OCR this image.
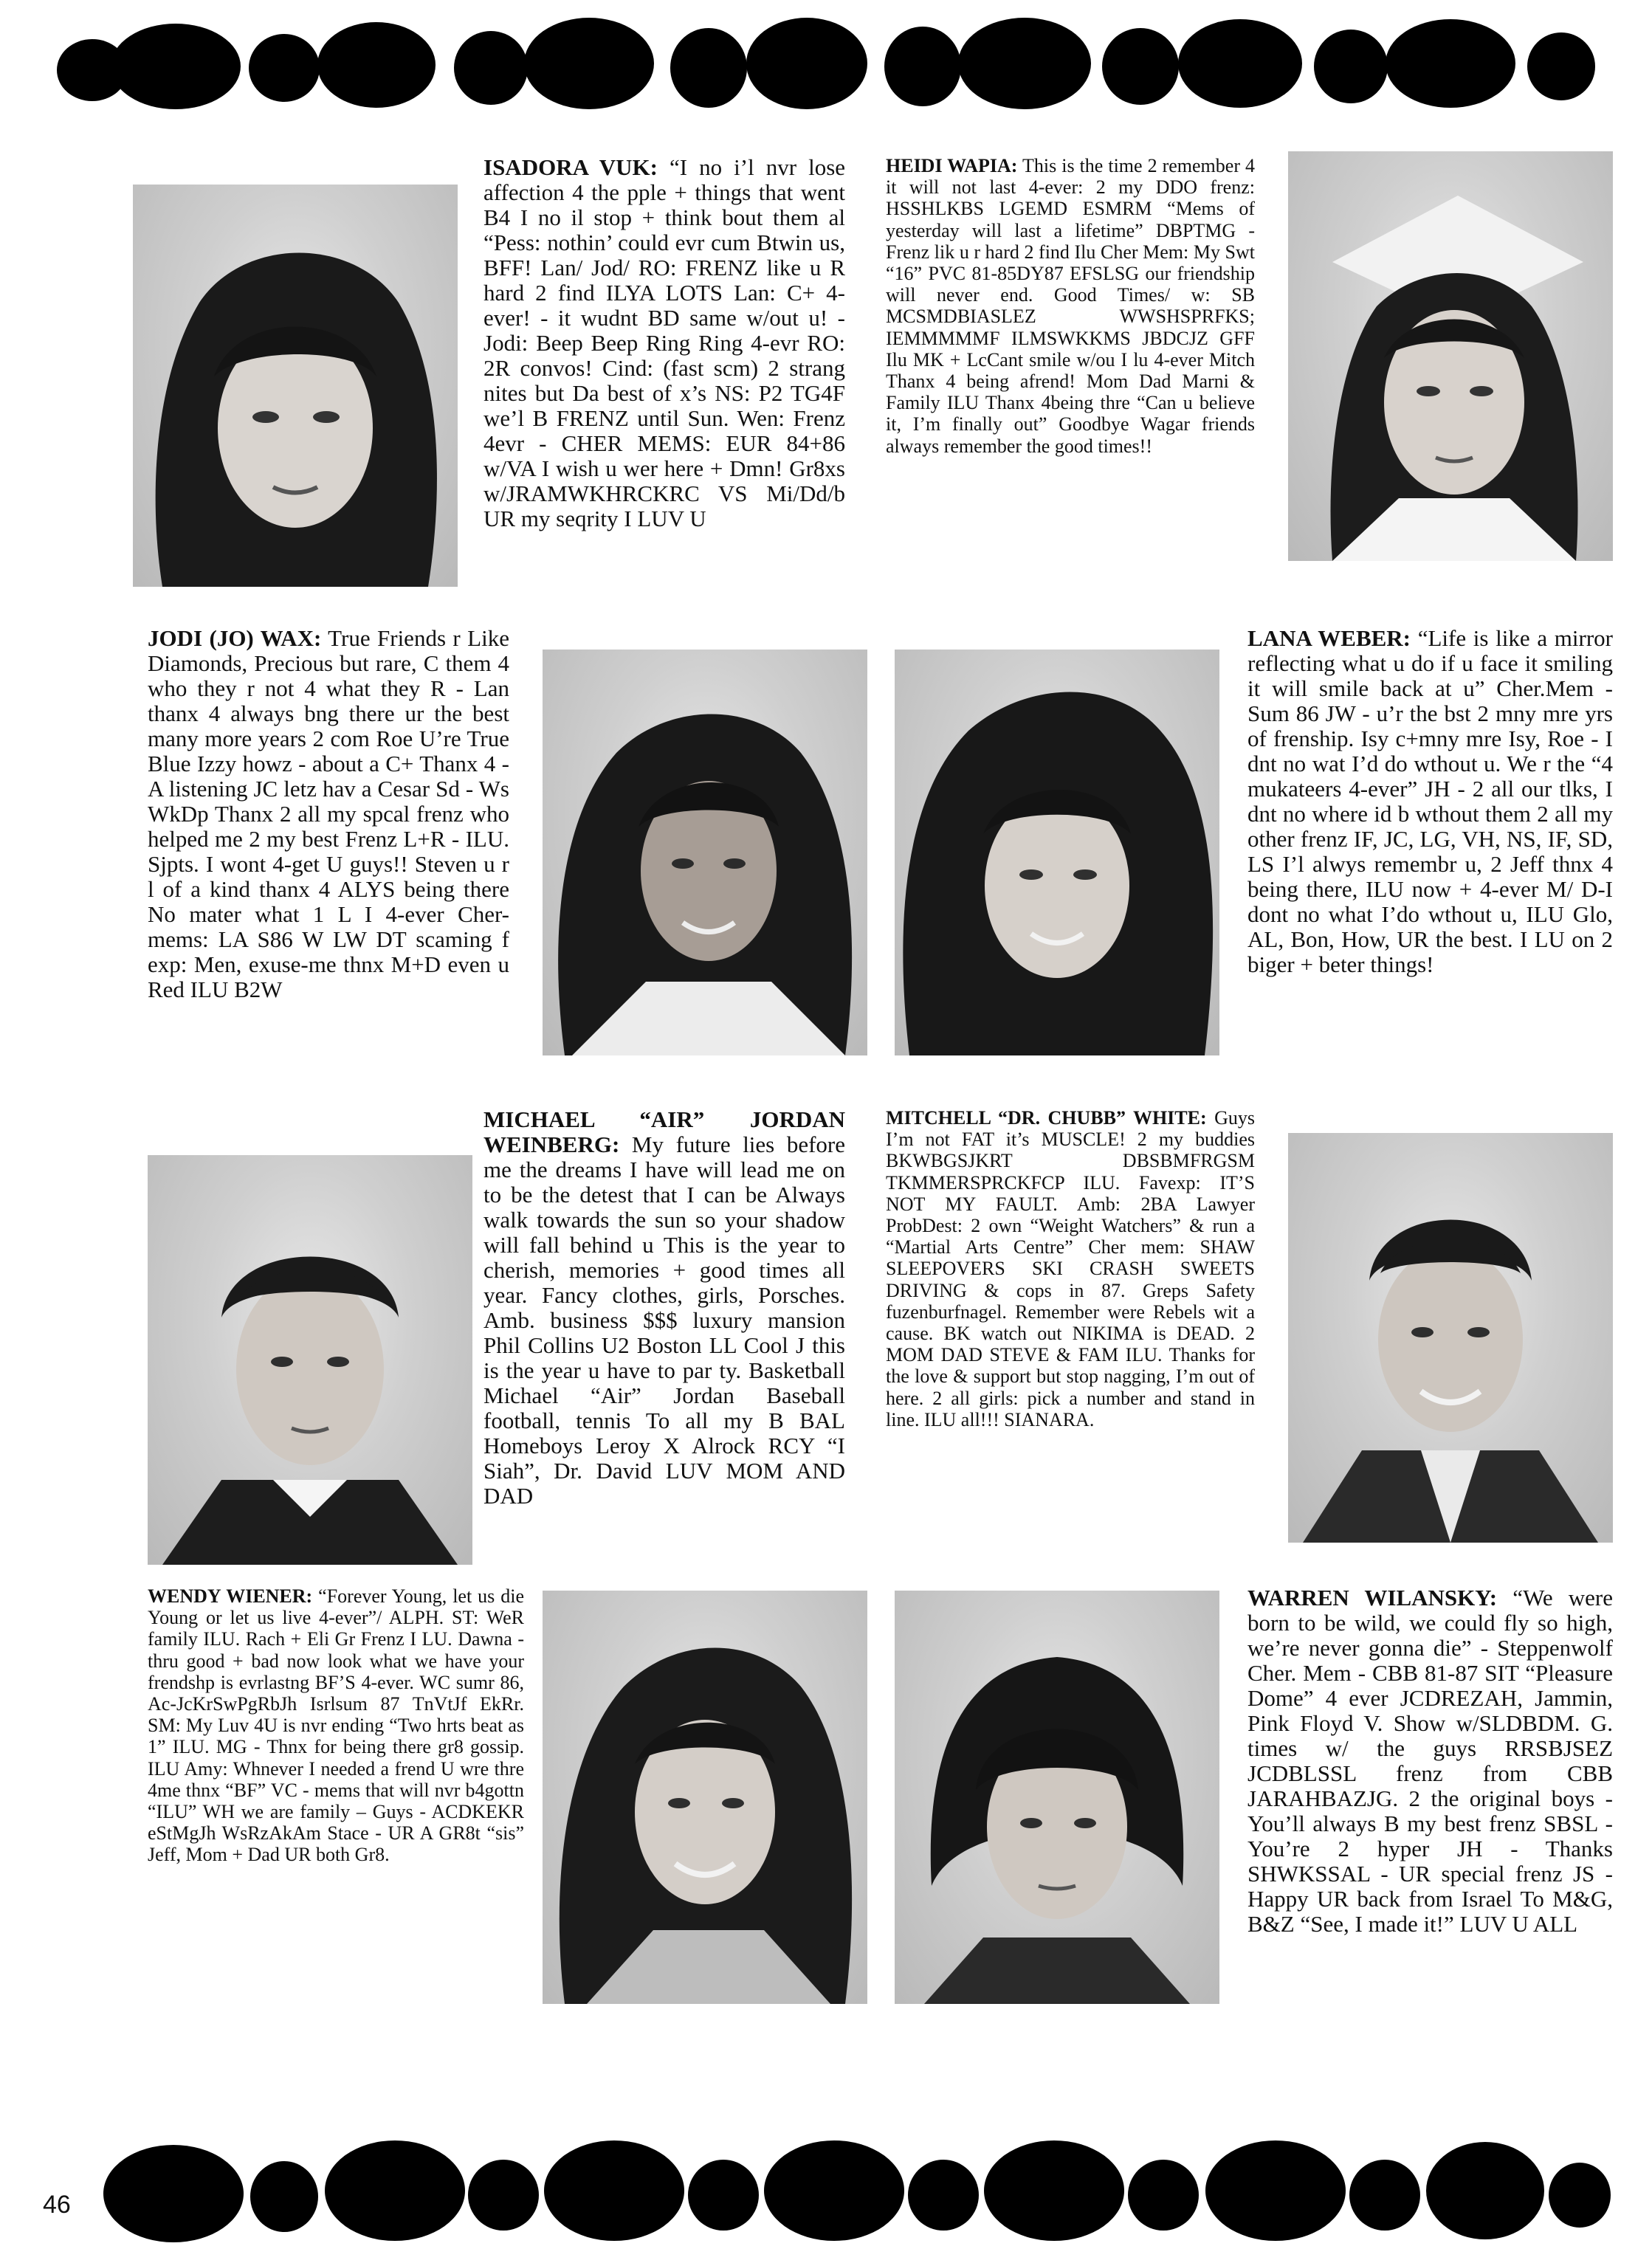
ISADORA VUK: “I no i’l nvr lose affection 4 the pple + things that went B4 I no il stop + think bout them al “Pess: nothin’ could evr cum Btwin us, BFF! Lan/ Jod/ RO: FRENZ like u R hard 2 find ILYA LOTS Lan: C+ 4-ever! - it wudnt BD same w/out u! - Jodi: Beep Beep Ring Ring 4-evr RO: 2R convos! Cind: (fast scm) 2 strang nites but Da best of x’s NS: P2 TG4F we’l B FRENZ until Sun. Wen: Frenz 4evr - CHER MEMS: EUR 84+86 w/VA I wish u wer here + Dmn! Gr8xs w/JRAMWKHRCKRC VS Mi/Dd/b UR my seqrity I LUV U
HEIDI WAPIA: This is the time 2 remember 4 it will not last 4-ever: 2 my DDO frenz: HSSHLKBS LGEMD ESMRM “Mems of yesterday will last a lifetime” DBPTMG - Frenz lik u r hard 2 find Ilu Cher Mem: My Swt “16” PVC 81-85DY87 EFSLSG our friendship will never end. Good Times/ w: SB MCSMDBIASLEZ WWSHSPRFKS; IEMMMMMF ILMSWKKMS JBDCJZ GFF Ilu MK + LcCant smile w/ou I lu 4-ever Mitch Thanx 4 being afrend! Mom Dad Marni & Family ILU Thanx 4being thre “Can u believe it, I’m finally out” Goodbye Wagar friends always remember the good times!!
JODI (JO) WAX: True Friends r Like Diamonds, Precious but rare, C them 4 who they r not 4 what they R - Lan thanx 4 always bng there ur the best many more years 2 com Roe U’re True Blue Izzy howz - about a C+ Thanx 4 - A listening JC letz hav a Cesar Sd - Ws WkDp Thanx 2 all my spcal frenz who helped me 2 my best Frenz L+R - ILU. Sjpts. I wont 4-get U guys!! Steven u r l of a kind thanx 4 ALYS being there No mater what 1 L I 4-ever Cher-mems: LA S86 W LW DT scaming f exp: Men, exuse-me thnx M+D even u Red ILU B2W
LANA WEBER: “Life is like a mirror reflecting what u do if u face it smiling it will smile back at u” Cher.Mem - Sum 86 JW - u’r the bst 2 mny mre yrs of frenship. Isy c+mny mre Isy, Roe - I dnt no wat I’d do wthout u. We r the “4 mukateers 4-ever” JH - 2 all our tlks, I dnt no where id b wthout them 2 all my other frenz IF, JC, LG, VH, NS, IF, SD, LS I’l alwys remembr u, 2 Jeff thnx 4 being there, ILU now + 4-ever M/ D-I dont no what I’do wthout u, ILU Glo, AL, Bon, How, UR the best. I LU on 2 biger + beter things!
MICHAEL “AIR” JORDAN WEINBERG: My future lies before me the dreams I have will lead me on to be the detest that I can be Always walk towards the sun so your shadow will fall behind u This is the year to cherish, memories + good times all year. Fancy clothes, girls, Porsches. Amb. business $$$ luxury mansion Phil Collins U2 Boston LL Cool J this is the year u have to par ty. Basketball Michael “Air” Jordan Baseball football, tennis To all my B BAL Homeboys Leroy X Alrock RCY “I Siah”, Dr. David LUV MOM AND DAD
MITCHELL “DR. CHUBB” WHITE: Guys I’m not FAT it’s MUSCLE! 2 my buddies BKWBGSJKRT DBSBMFRGSM TKMMERSPRCKFCP ILU. Favexp: IT’S NOT MY FAULT. Amb: 2BA Lawyer ProbDest: 2 own “Weight Watchers” & run a “Martial Arts Centre” Cher mem: SHAW SLEEPOVERS SKI CRASH SWEETS DRIVING & cops in 87. Greps Safety fuzenburfnagel. Remember were Rebels wit a cause. BK watch out NIKIMA is DEAD. 2 MOM DAD STEVE & FAM ILU. Thanks for the love & support but stop nagging, I’m out of here. 2 all girls: pick a number and stand in line. ILU all!!! SIANARA.
WENDY WIENER: “Forever Young, let us die Young or let us live 4-ever”/ ALPH. ST: WeR family ILU. Rach + Eli Gr Frenz I LU. Dawna - thru good + bad now look what we have your frendshp is evrlastng BF’S 4-ever. WC sumr 86, Ac-JcKrSwPgRbJh Isrlsum 87 TnVtJf EkRr. SM: My Luv 4U is nvr ending “Two hrts beat as 1” ILU. MG - Thnx for being there gr8 gossip. ILU Amy: Whnever I needed a frend U wre thre 4me thnx “BF” VC - mems that will nvr b4gottn “ILU” WH we are family – Guys - ACDKEKR eStMgJh WsRzAkAm Stace - UR A GR8t “sis” Jeff, Mom + Dad UR both Gr8.
WARREN WILANSKY: “We were born to be wild, we could fly so high, we’re never gonna die” - Steppenwolf Cher. Mem - CBB 81-87 SIT “Pleasure Dome” 4 ever JCDREZAH, Jammin, Pink Floyd V. Show w/SLDBDM. G. times w/ the guys RRSBJSEZ JCDBLSSL frenz from CBB JARAHBAZJG. 2 the original boys - You’ll always B my best frenz SBSL - You’re 2 hyper JH - Thanks SHWKSSAL - UR special frenz JS - Happy UR back from Israel To M&G, B&Z “See, I made it!” LUV U ALL
46
